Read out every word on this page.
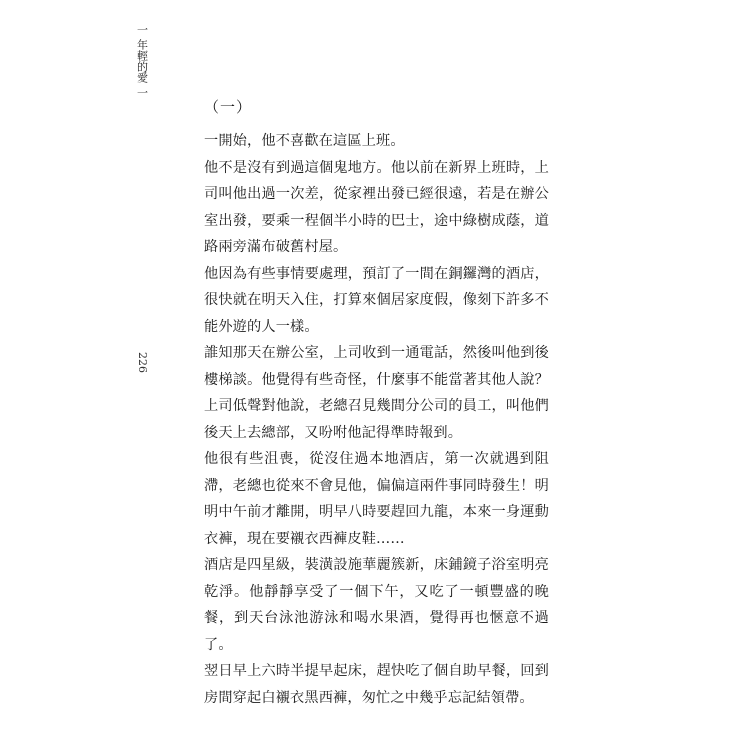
一
年輕的愛
一
226
（一）

一開始，他不喜歡在這區上班。

他不是沒有到過這個鬼地方。他以前在新界上班時，上司叫他出過一次差，從家裡出發已經很遠，若是在辦公室出發，要乘一程個半小時的巴士，途中綠樹成蔭，道路兩旁滿布破舊村屋。

他因為有些事情要處理，預訂了一間在銅鑼灣的酒店，很快就在明天入住，打算來個居家度假，像刻下許多不能外遊的人一樣。

誰知那天在辦公室，上司收到一通電話，然後叫他到後樓梯談。他覺得有些奇怪，什麼事不能當著其他人說？上司低聲對他說，老總召見幾間分公司的員工，叫他們後天上去總部，又吩咐他記得準時報到。

他很有些沮喪，從沒住過本地酒店，第一次就遇到阻滯，老總也從來不會見他，偏偏這兩件事同時發生！明明中午前才離開，明早八時要趕回九龍，本來一身運動衣褲，現在要襯衣西褲皮鞋……

酒店是四星級，裝潢設施華麗簇新，床鋪鏡子浴室明亮乾淨。他靜靜享受了一個下午，又吃了一頓豐盛的晚餐，到天台泳池游泳和喝水果酒，覺得再也愜意不過了。

翌日早上六時半提早起床，趕快吃了個自助早餐，回到房間穿起白襯衣黑西褲，匆忙之中幾乎忘記結領帶。
